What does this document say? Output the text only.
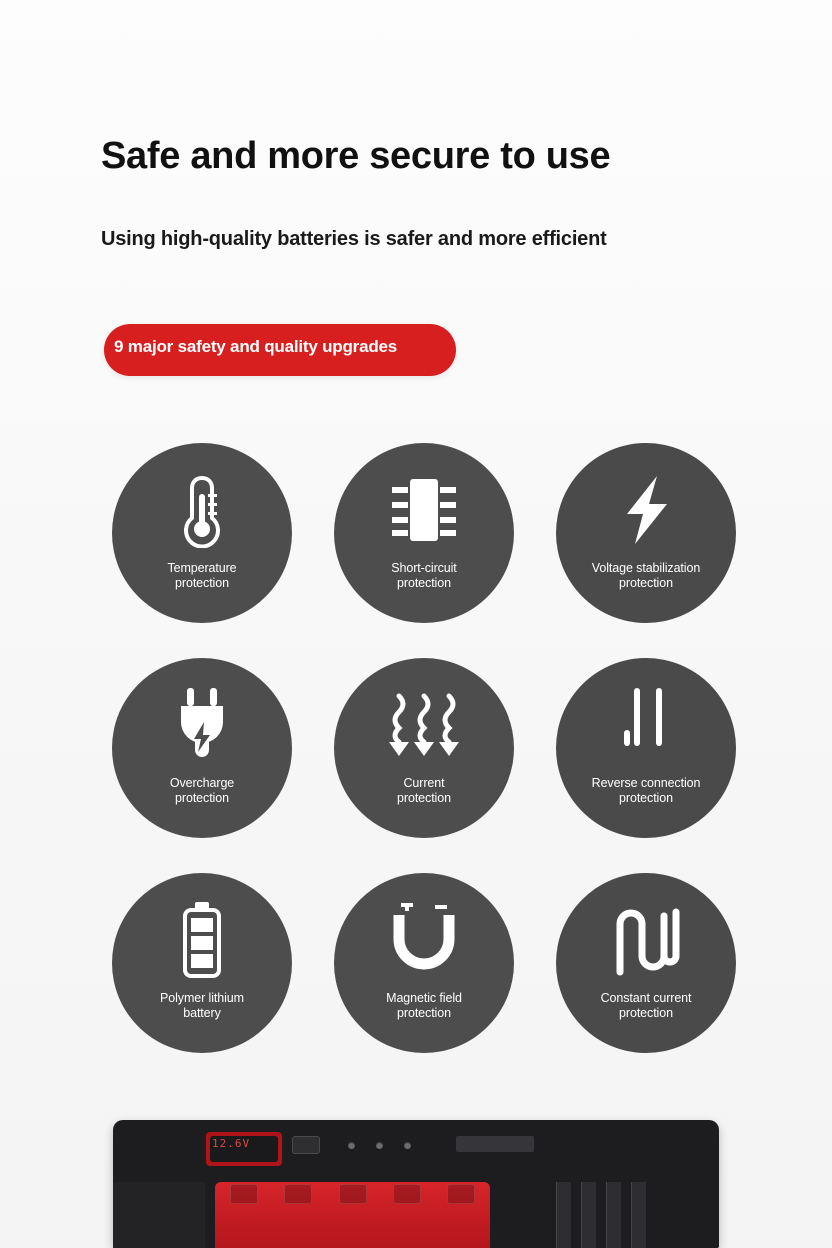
Safe and more secure to use
Using high-quality batteries is safer and more efficient
9 major safety and quality upgrades
Temperature
protection
Short-circuit
protection
Voltage stabilization
protection
Overcharge
protection
Current
protection
Reverse connection
protection
Polymer lithium
battery
Magnetic field
protection
Constant current
protection
12.6V
